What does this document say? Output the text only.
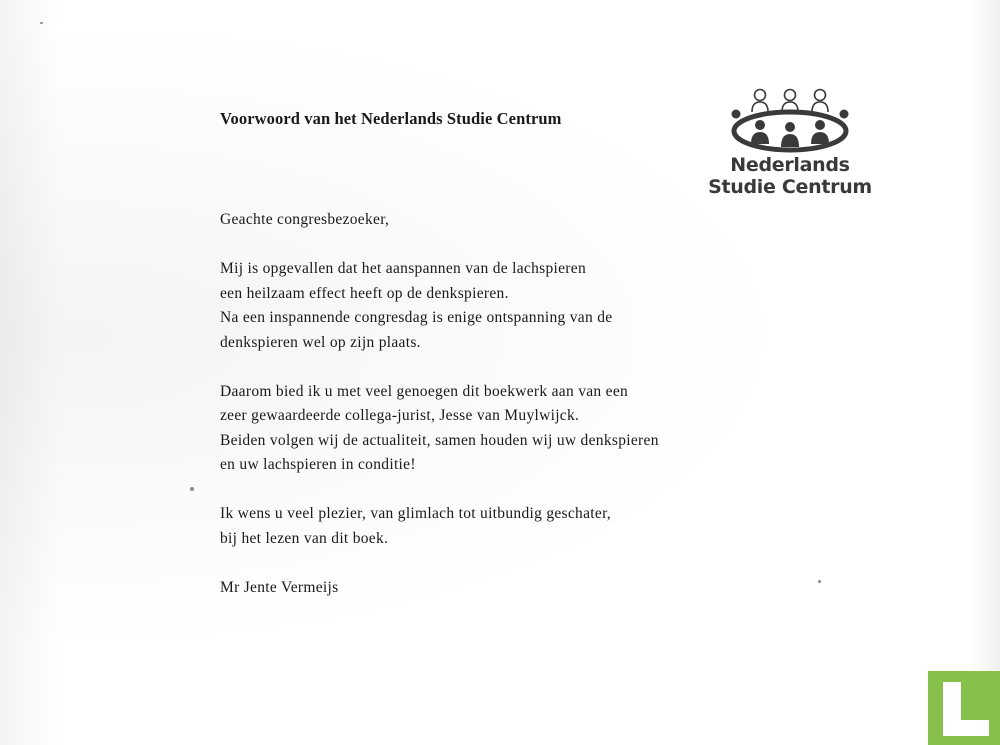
Voorwoord van het Nederlands Studie Centrum
Nederlands
Studie Centrum

Geachte congresbezoeker,

Mij is opgevallen dat het aanspannen van de lachspieren

een heilzaam effect heeft op de denkspieren.

Na een inspannende congresdag is enige ontspanning van de

denkspieren wel op zijn plaats.

Daarom bied ik u met veel genoegen dit boekwerk aan van een

zeer gewaardeerde collega-jurist, Jesse van Muylwijck.

Beiden volgen wij de actualiteit, samen houden wij uw denkspieren

en uw lachspieren in conditie!

Ik wens u veel plezier, van glimlach tot uitbundig geschater,

bij het lezen van dit boek.

Mr Jente Vermeijs
